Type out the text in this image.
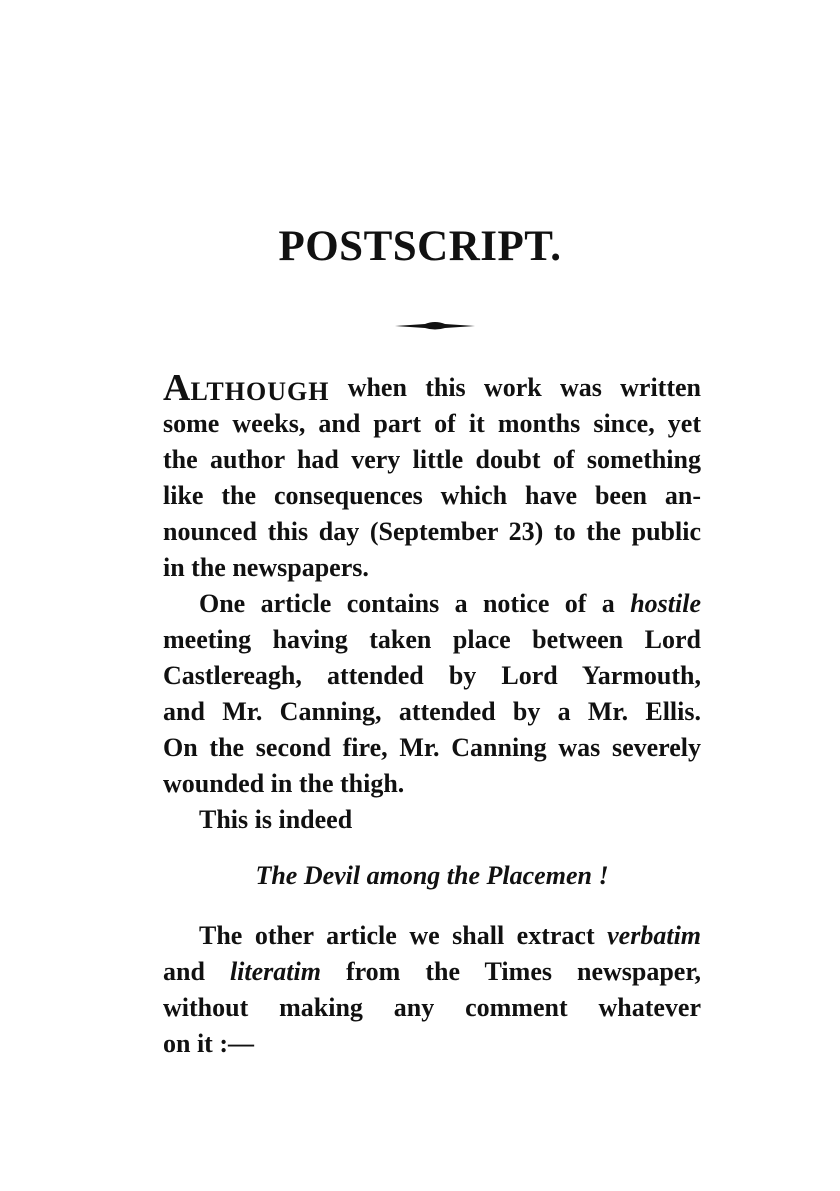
POSTSCRIPT.
ALTHOUGH when this work was written
some weeks, and part of it months since, yet
the author had very little doubt of something
like the consequences which have been an-
nounced this day (September 23) to the public
in the newspapers.
One article contains a notice of a hostile
meeting having taken place between Lord
Castlereagh, attended by Lord Yarmouth,
and Mr. Canning, attended by a Mr. Ellis.
On the second fire, Mr. Canning was severely
wounded in the thigh.
This is indeed
The Devil among the Placemen !
The other article we shall extract verbatim
and literatim from the Times newspaper,
without making any comment whatever
on it :—
